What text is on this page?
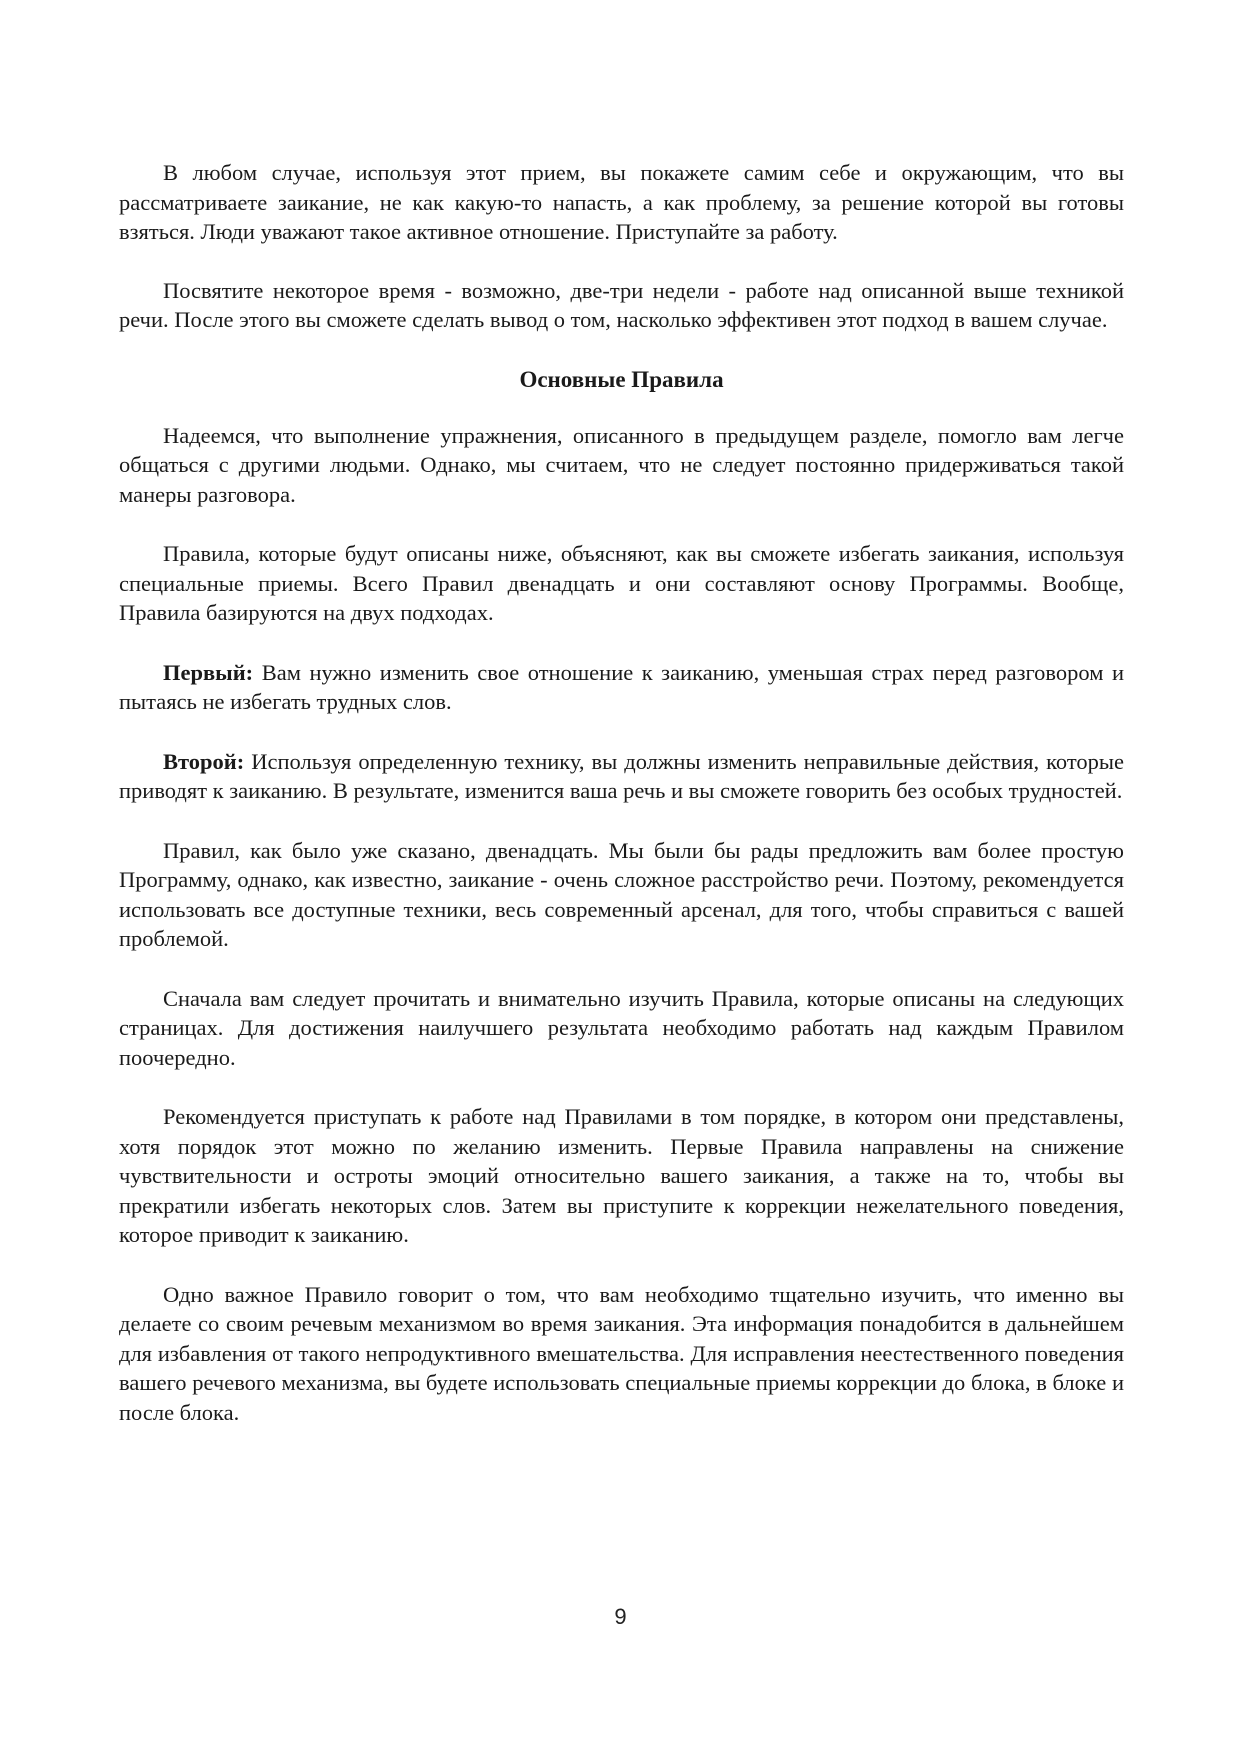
В любом случае, используя этот прием, вы покажете самим себе и окружающим, что вы рассматриваете заикание, не как какую-то напасть, а как проблему, за решение которой вы готовы взяться. Люди уважают такое активное отношение. Приступайте за работу.

Посвятите некоторое время - возможно, две-три недели - работе над описанной выше техникой речи. После этого вы сможете сделать вывод о том, насколько эффективен этот подход в вашем случае.

Основные Правила

Надеемся, что выполнение упражнения, описанного в предыдущем разделе, помогло вам легче общаться с другими людьми. Однако, мы считаем, что не следует постоянно придерживаться такой манеры разговора.

Правила, которые будут описаны ниже, объясняют, как вы сможете избегать заикания, используя специальные приемы. Всего Правил двенадцать и они составляют основу Программы. Вообще, Правила базируются на двух подходах.

Первый: Вам нужно изменить свое отношение к заиканию, уменьшая страх перед разговором и пытаясь не избегать трудных слов.

Второй: Используя определенную технику, вы должны изменить неправильные действия, которые приводят к заиканию. В результате, изменится ваша речь и вы сможете говорить без особых трудностей.

Правил, как было уже сказано, двенадцать. Мы были бы рады предложить вам более простую Программу, однако, как известно, заикание - очень сложное расстройство речи. Поэтому, рекомендуется использовать все доступные техники, весь современный арсенал, для того, чтобы справиться с вашей проблемой.

Сначала вам следует прочитать и внимательно изучить Правила, которые описаны на следующих страницах. Для достижения наилучшего результата необходимо работать над каждым Правилом поочередно.

Рекомендуется приступать к работе над Правилами в том порядке, в котором они представлены, хотя порядок этот можно по желанию изменить. Первые Правила направлены на снижение чувствительности и остроты эмоций относительно вашего заикания, а также на то, чтобы вы прекратили избегать некоторых слов. Затем вы приступите к коррекции нежелательного поведения, которое приводит к заиканию.

Одно важное Правило говорит о том, что вам необходимо тщательно изучить, что именно вы делаете со своим речевым механизмом во время заикания. Эта информация понадобится в дальнейшем для избавления от такого непродуктивного вмешательства. Для исправления неестественного поведения вашего речевого механизма, вы будете использовать специальные приемы коррекции до блока, в блоке и после блока.

9
